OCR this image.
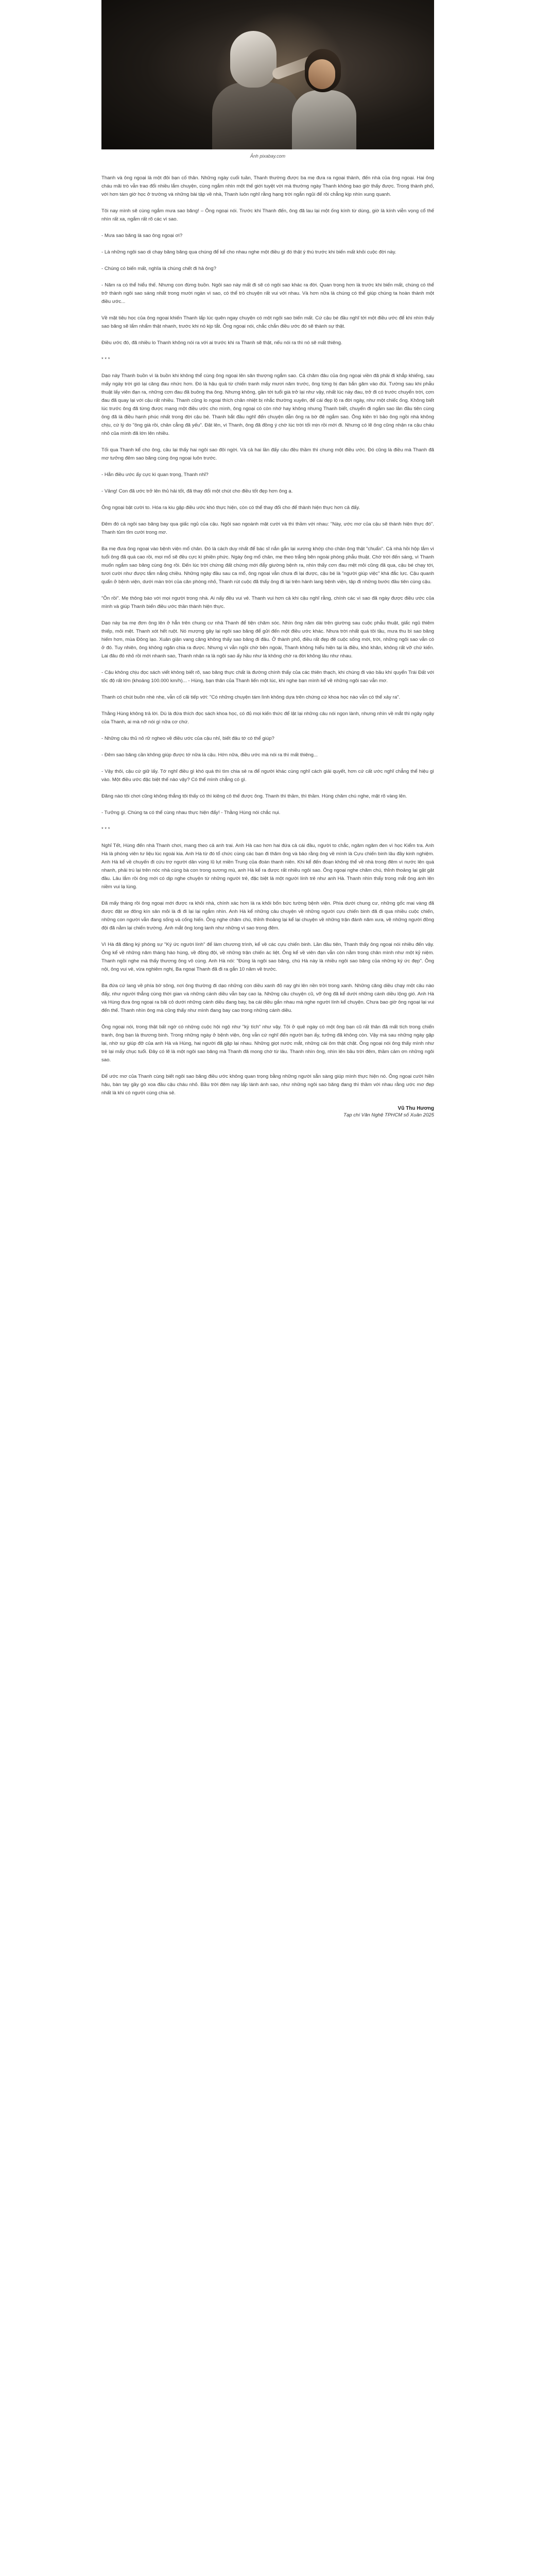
Ảnh pixabay.com

Thanh và ông ngoại là một đôi bạn cố thân. Những ngày cuối tuần, Thanh thường được ba mẹ đưa ra ngoại thành, đến nhà của ông ngoại. Hai ông cháu mãi trò vẫn trao đổi nhiều lắm chuyện, cùng ngắm nhìn một thế giới tuyệt vời mà thường ngày Thanh không bao giờ thấy được. Trong thành phố, với hơn tám giờ học ở trường và những bài tập về nhà, Thanh luôn nghĩ rằng hạng trời ngắn ngủi để rồi chẳng kịp nhìn xung quanh.

Tôi nay mình sẽ cùng ngắm mưa sao băng! – Ông ngoại nói. Trước khi Thanh đến, ông đã lau lại một ống kính từ dùng, giờ là kính viễn vọng cổ thế nhìn rất xa, ngắm rất rõ các vì sao.

- Mưa sao băng là sao ông ngoại ơi?

- Là những ngôi sao di chạy băng băng qua chúng để kể cho nhau nghe một điều gì đó thật ý thú trước khi biến mất khỏi cuộc đời này.

- Chúng có biến mất, nghĩa là chúng chết đi hả ông?

- Năm ra có thể hiểu thế. Nhưng con đừng buồn. Ngôi sao này mất đi sẽ có ngôi sao khác ra đời. Quan trọng hơn là trước khi biến mất, chúng có thể trở thành ngôi sao sáng nhất trong mười ngàn vì sao, có thể trò chuyện rất vui với nhau. Và hơn nữa là chúng có thể giúp chúng ta hoàn thành một điều ước...

Về mặt tiêu học của ông ngoại khiến Thanh lấp lúc quên ngay chuyện có một ngôi sao biến mất. Cứ cậu bé đầu nghĩ tới một điều ước để khi nhìn thấy sao băng sẽ lẩm nhẩm thật nhanh, trước khi nó kịp tắt. Ông ngoại nói, chắc chắn điều ước đó sẽ thành sự thật.

Điều ước đó, đã nhiều lo Thanh không nói ra với ai trước khi ra Thanh sẽ thật, nếu nói ra thì nó sẽ mất thiêng.

* * *

Dạo này Thanh buồn vì là buồn khi không thể cùng ông ngoại lên sân thượng ngắm sao. Cả chăm đâu của ông ngoại viền đã phải đi khắp khiếng, sau mấy ngày trời gió lại căng đau nhức hơn. Đó là hậu quả từ chiến tranh mấy mươi năm trước, ông từng bị đạn bắn gãm vào đùi. Tường sau khi phẫu thuật lấy viên đạn ra, những cơn đau đã buông tha ông. Nhưng không, gần tới tuổi già trở lại như vậy, nhất lúc này đau, trở đi có trước chuyển trời, cơn đau đã quay lại với cậu rất nhiều. Thanh cũng lo ngoại thích chân nhiệt bị nhắc thường xuyên, để cái đẹp lộ ra đời ngày, như một chiếc ống. Không biết lúc trước ông đã từng được mang một điều ước cho mình, ông ngoại có còn nhớ hay không nhưng Thanh biết, chuyến đi ngắm sao lần đầu tiên cùng ông đã là điều hạnh phúc nhất trong đời cậu bé. Thanh bắt đầu nghĩ đến chuyện dẫn ông ra bờ đê ngắm sao. Ông kiên trì bảo ông ngồi nhà không chịu, cứ lý do "ông già rồi, chân cẳng đã yếu". Đặt lên, vì Thanh, ông đã đồng ý chờ lúc trời tối mịn rồi mới đi. Nhưng có lẽ ông cũng nhận ra cậu cháu nhỏ của mình đã lớn lên nhiều.

Tối qua Thanh kể cho ông, câu lại thấy hai ngôi sao đôi ngời. Và cả hai lần đấy câu đều thầm thì chung một điều ước. Đó cũng là điều mà Thanh đã mơ tưởng đêm sao băng cùng ông ngoại luôn trước.

- Hẵn điều ước ấy cực kì quan trọng, Thanh nhỉ?

- Vâng! Con đã ước trở lên thủ hải tốt, đã thay đổi một chút cho điều tốt đẹp hơn ông ạ.

Ông ngoại bật cười to. Hóa ra kiu gập điều ước khó thực hiện, còn có thể thay đổi cho để thành hiện thực hơn cả đấy.

Đêm đó cả ngôi sao băng bay qua giấc ngủ của cậu. Ngôi sao ngoành mặt cười và thì thầm với nhau: "Này, ước mơ của cậu sẽ thành hiện thực đó". Thanh tủm tỉm cười trong mơ.

Ba mẹ đưa ông ngoại vào bệnh viện mổ chân. Đó là cách duy nhất để bác sĩ nắn gắn lại xương khớp cho chân ông thật "chuẩn". Cả nhà hồi hộp lắm vì tuổi ông đã quá cao rồi, mọi mổ sẽ đều cực kì phiền phức. Ngày ông mổ chân, mẹ theo trắng bên ngoài phòng phẫu thuật. Chờ trời đến sáng, vì Thanh muốn ngắm sao băng cùng ông rồi. Đến lúc trời chứng đất chứng mới đẩy giường bệnh ra, nhìn thấy cơn đau mệt mỏi cũng đã qua, cậu bé chạy tới, tươi cười như được tắm nắng chiều. Những ngày đầu sau ca mổ, ông ngoại vẫn chưa đi lại được, cậu bé là "người giúp việc" khá đắc lực. Cậu quanh quẩn ở bệnh viện, dưới màn trời của căn phòng nhỏ, Thanh rút cuộc đã thấy ông đi lại trên hành lang bệnh viện, tập đi những bước đầu tiên cùng cậu.

"Ôn rồi". Mẹ thông báo với mọi người trong nhà. Ai nấy đều vui vẻ. Thanh vui hơn cả khi cậu nghĩ rằng, chính các vì sao đã ngày được điều ước của mình và giúp Thanh biến điều ước thần thành hiện thực.

Dạo này ba mẹ đơn ông lên ở hẳn trên chung cư nhà Thanh để tiện chăm sóc. Nhìn ông năm dài trên giường sau cuộc phẫu thuật, giấc ngủ thiêm thiếp, mỏi mệt. Thanh xót hết ruột. Nó mượng gây lại ngôi sao băng để gửi đến một điều ước khác. Nhưa trời nhất quá tôi tầu, mưa thu bì sao băng hiếm hơn, mùa Đông lạo. Xuân giận vang căng không thấy sao băng đi đâu. Ở thành phố, điều rất đẹp đẽ cuộc sống mới, trời, những ngôi sao vẫn có ở đó. Tuy nhiên, ông không ngăn chia ra được. Nhưng vì vẫn ngồi chờ bên ngoài, Thanh không hiểu hiện tại là điều, khó khăn, không rất vỡ chứ kiến. Lai đâu đó nhỏ rồi mới nhanh sao, Thanh nhận ra là ngôi sao ấy hầu như là không chờ ra đời không lâu như nhau.

- Cậu không chịu đọc sách viết không biết rõ, sao băng thực chất là đường chính thấy của các thiên thạch, khi chúng đi vào bầu khí quyển Trái Đất với tốc độ rất lớn (khoảng 100.000 km/h)... - Hùng, bạn thân của Thanh liến một lúc, khi nghe bạn mình kể về những ngôi sao vẫn mơ.

Thanh có chút buồn nhè nhẹ, vẫn cố cãi tiếp với: "Có những chuyện tám lình không dựa trên chứng cứ khoa học nào vẫn có thể xảy ra".

Thằng Hùng không trả lời. Dù là đứa thích đọc sách khoa học, có đủ mọi kiến thức để lật lại những câu nói ngọn lành, nhưng nhìn về mắt thì ngây ngây của Thanh, ai mà nỡ nói gì nữa cơ chứ.

- Những câu thủ nỏ rữ ngheo về điều ước của cậu nhỉ, biết đâu tớ có thể giúp?

- Đêm sao băng cần không giúp được tớ nữa là cậu. Hớn nữa, điều ước mà nói ra thì mất thiêng...

- Vậy thôi, cậu cứ giữ lấy. Tớ nghĩ điều gì khó quá thì tìm chia sẻ ra để người khác cùng nghĩ cách giải quyết, hơn cứ cất ước nghĩ chẳng thể hiệu gì vào. Một điều ước đặc biệt thế nào vậy? Có thể mình chẳng có gì.

Đăng nào tôi chơi cũng không thắng tôi thấy có thì kiêng cô thế được ông. Thanh thì thầm, thì thầm. Hùng chăm chú nghe, mặt rõ vàng lên.

- Tưởng gì. Chúng ta có thể cùng nhau thực hiện đấy! - Thằng Hùng nói chắc nụi.

* * *

Nghỉ Tết, Hùng đến nhà Thanh chơi, mang theo cả anh trai. Anh Hà cao hơn hai đứa cả cái đầu, người to chắc, ngăm ngăm đen vì học Kiểm tra. Anh Hà là phóng viên tư liệu lúc ngoài kia. Anh Hà từ đó tổ chức cùng các bạn đi thăm ông và bảo rằng ông về mình là Cựu chiến binh lâu đầy kinh nghiệm. Anh Hà kể về chuyến đi cứu trợ người dân vùng lũ lụt miền Trung của đoàn thanh niên. Khi kể đến đoạn không thể về nhà trong đêm vì nước lên quá nhanh, phải trú lại trên nóc nhà cùng bà con trong sương mù, anh Hà kể ra được rất nhiều ngôi sao. Ông ngoại nghe chăm chú, thỉnh thoảng lại gật gật đầu. Lâu lắm rồi ông mới có dịp nghe chuyện từ những người trẻ, đặc biệt là một người lính trẻ như anh Hà. Thanh nhìn thấy trong mắt ông ánh lên niềm vui lạ lùng.

Đã mấy tháng rồi ông ngoại mới được ra khỏi nhà, chính xác hơn là ra khỏi bốn bức tường bệnh viện. Phía dưới chung cư, những gốc mai vàng đã được đặt xe đông kín sân mỏi là đi đi lại lại ngắm nhìn. Anh Hà kể những câu chuyện về những người cựu chiến binh đã đi qua nhiều cuộc chiến, những con người vẫn đang sống và cống hiến. Ông nghe chăm chú, thỉnh thoảng lại kể lại chuyện về những trận đánh năm xưa, về những người đồng đội đã nằm lại chiến trường. Ánh mắt ông long lanh như những vì sao trong đêm.

Vì Hà đã đăng ký phóng sự "Ký ức người lính" để làm chương trình, kể về các cựu chiến binh. Lần đầu tiên, Thanh thấy ông ngoại nói nhiều đến vậy. Ông kể về những năm tháng hào hùng, về đồng đội, về những trận chiến ác liệt. Ông kể về viên đạn vẫn còn nằm trong chân mình như một kỷ niệm. Thanh ngồi nghe mà thấy thương ông vô cùng. Anh Hà nói: "Đúng là ngôi sao băng, chú Hà này là nhiều ngôi sao băng của những ký ức đẹp". Ông nội, ông vui vẻ, vừa nghiêm nghị, Ba ngoại Thanh đã đi ra gắn 10 năm về trước.

Ba đứa cứ lang về phía bờ sông, nơi ông thường đi dạo những con diều xanh đỏ nay ghi lên nền trời trong xanh. Những căng diều chạy một câu nào đấy, như người thẳng cùng thời gian và những cánh diều vẫn bay cao lạ. Những câu chuyện cũ, vỡ ông đã kể dưới những cánh diều lộng gió. Anh Hà và Hùng đưa ông ngoại ra bãi cỏ dưới những cánh diều đang bay, ba cái diều gắn nhau mà nghe người lính kể chuyện. Chưa bao giờ ông ngoại lại vui đến thế. Thanh nhìn ông mà cũng thấy như mình đang bay cao trong những cánh diều.

Ông ngoại nói, trong thật bất ngờ có những cuộc hội ngộ như "kỳ tích" như vậy. Tôi ở quê ngày có một ông bạn cũ rất thân đã mất tích trong chiến tranh, ông bạn là thương binh. Trong những ngày ở bệnh viện, ông vẫn cứ nghĩ đến người bạn ấy, tưởng đã không còn. Vậy mà sau những ngày gặp lại, nhờ sự giúp đỡ của anh Hà và Hùng, hai người đã gặp lại nhau. Những giọt nước mắt, những cái ôm thật chặt. Ông ngoại nói ông thấy mình như trẻ lại mấy chục tuổi. Đây có lẽ là một ngôi sao băng mà Thanh đã mong chờ từ lâu. Thanh nhìn ông, nhìn lên bầu trời đêm, thầm cảm ơn những ngôi sao.

Để ước mơ của Thanh cùng biết ngôi sao băng điều ước không quan trọng bằng những người sẵn sàng giúp mình thực hiện nó. Ông ngoại cười hiền hậu, bàn tay gầy gò xoa đầu cậu cháu nhỏ. Bầu trời đêm nay lấp lánh ánh sao, như những ngôi sao băng đang thì thầm với nhau rằng ước mơ đẹp nhất là khi có người cùng chia sẻ.

Vũ Thu Hương
Tạp chí Văn Nghệ TPHCM số Xuân 2025
